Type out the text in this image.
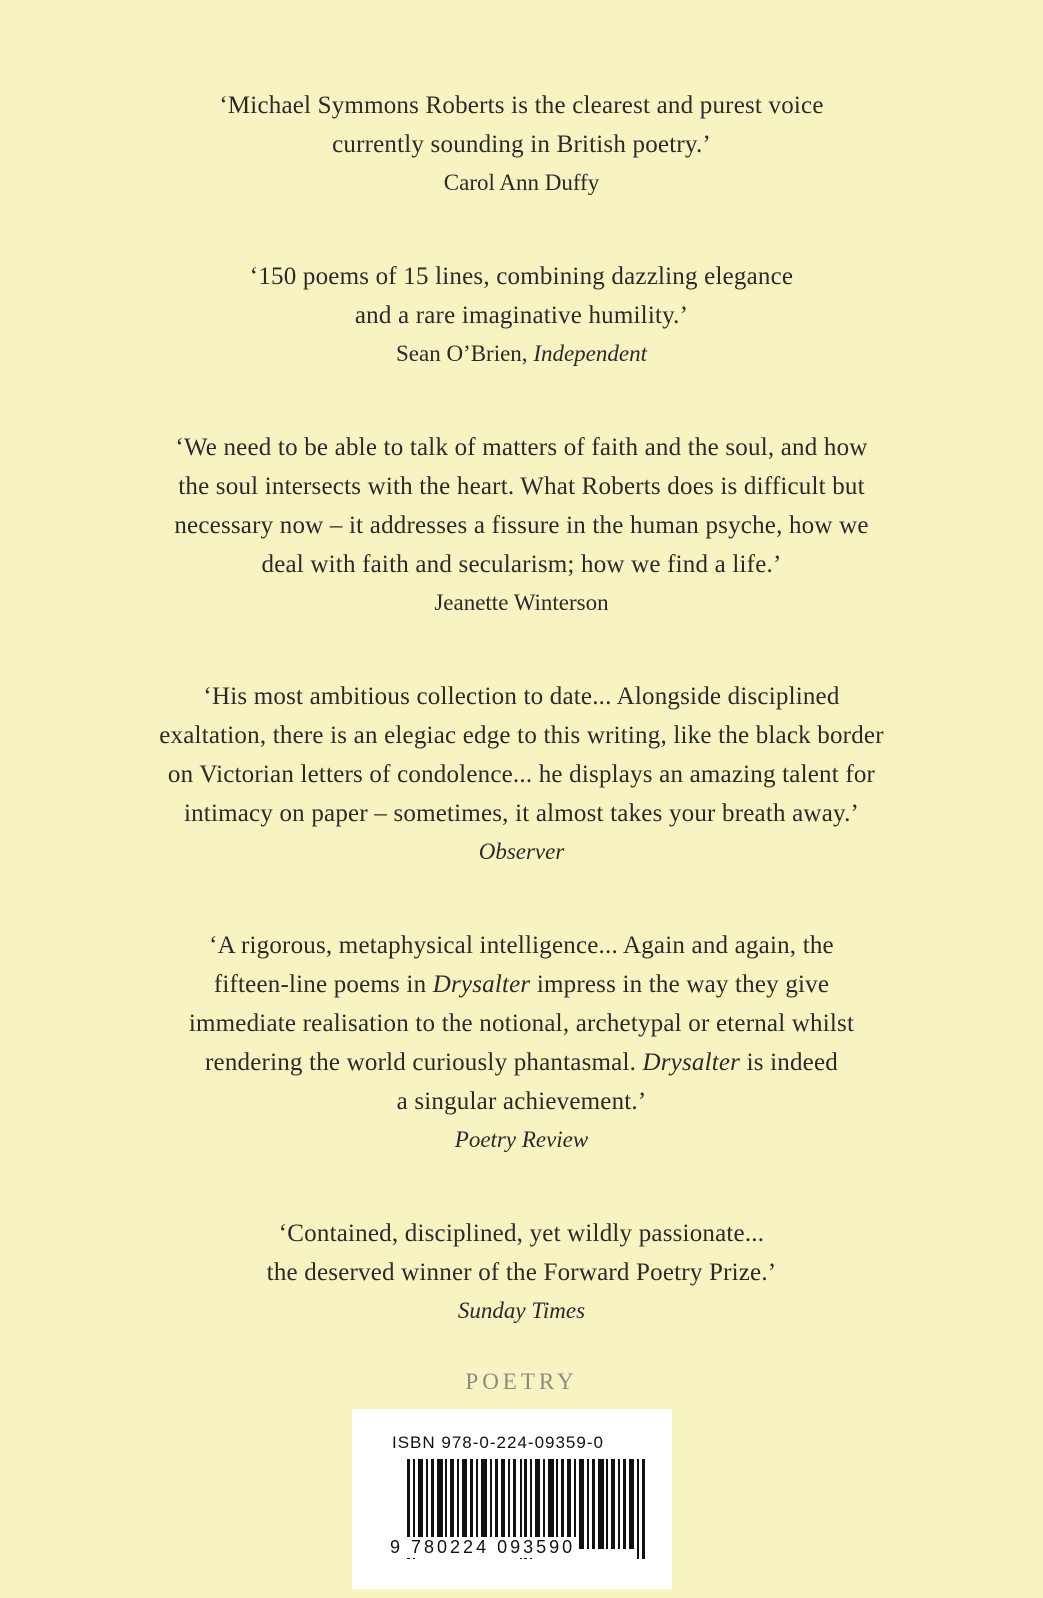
‘Michael Symmons Roberts is the clearest and purest voice
currently sounding in British poetry.’
Carol Ann Duffy
‘150 poems of 15 lines, combining dazzling elegance
and a rare imaginative humility.’
Sean O’Brien, Independent
‘We need to be able to talk of matters of faith and the soul, and how
the soul intersects with the heart. What Roberts does is difficult but
necessary now – it addresses a fissure in the human psyche, how we
deal with faith and secularism; how we find a life.’
Jeanette Winterson
‘His most ambitious collection to date... Alongside disciplined
exaltation, there is an elegiac edge to this writing, like the black border
on Victorian letters of condolence... he displays an amazing talent for
intimacy on paper – sometimes, it almost takes your breath away.’
Observer
‘A rigorous, metaphysical intelligence... Again and again, the
fifteen-line poems in Drysalter impress in the way they give
immediate realisation to the notional, archetypal or eternal whilst
rendering the world curiously phantasmal. Drysalter is indeed
a singular achievement.’
Poetry Review
‘Contained, disciplined, yet wildly passionate...
the deserved winner of the Forward Poetry Prize.’
Sunday Times
POETRY
ISBN 978-0-224-09359-0
9 780224 093590
